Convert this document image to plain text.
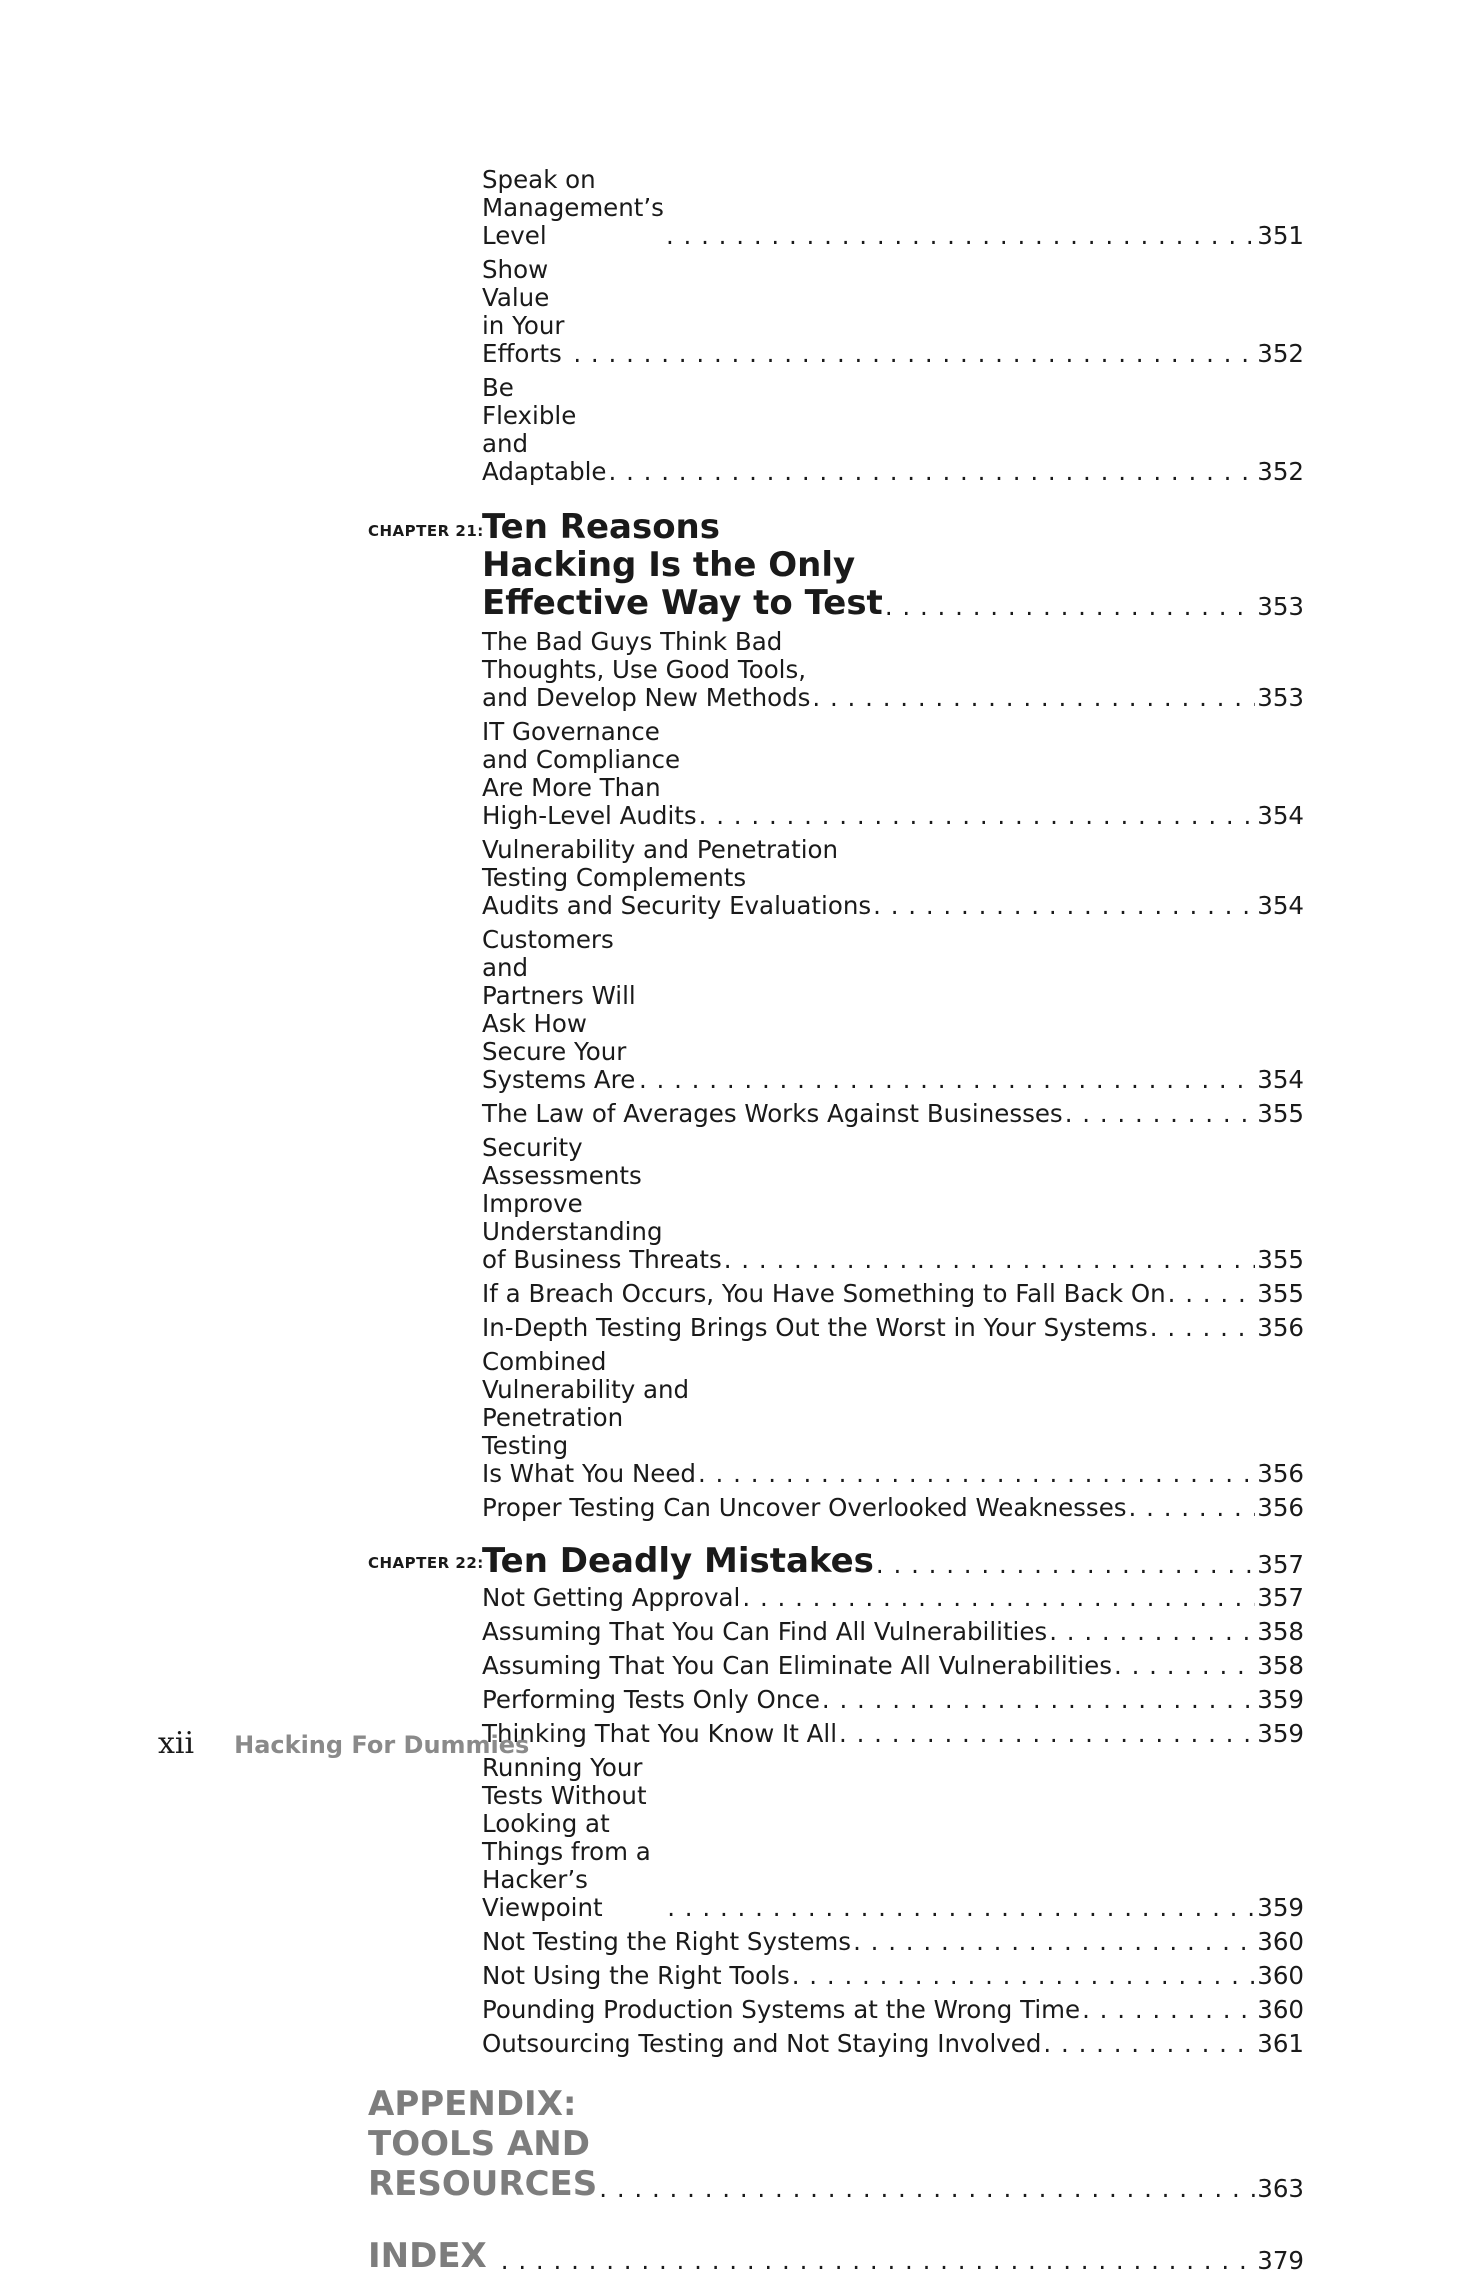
Speak on Management’s Level . . .	351
Show Value in Your Efforts . . .	352
Be Flexible and Adaptable . . .	352
CHAPTER 21:
Ten Reasons Hacking Is the Only
Effective Way to Test . . .	353
The Bad Guys Think Bad Thoughts, Use Good Tools,
and Develop New Methods . . .	353
IT Governance and Compliance Are More Than
High-Level Audits . . .	354
Vulnerability and Penetration Testing Complements
Audits and Security Evaluations . . .	354
Customers and Partners Will Ask How Secure Your
Systems Are . . .	354
The Law of Averages Works Against Businesses . . .	355
Security Assessments Improve Understanding
of Business Threats . . .	355
If a Breach Occurs, You Have Something to Fall Back On . . .	355
In-Depth Testing Brings Out the Worst in Your Systems . . .	356
Combined Vulnerability and Penetration Testing
Is What You Need . . .	356
Proper Testing Can Uncover Overlooked Weaknesses . . .	356
CHAPTER 22:
Ten Deadly Mistakes . . .	357
Not Getting Approval . . .	357
Assuming That You Can Find All Vulnerabilities . . .	358
Assuming That You Can Eliminate All Vulnerabilities . . .	358
Performing Tests Only Once . . .	359
Thinking That You Know It All . . .	359
Running Your Tests Without Looking at Things from a Hacker’s
Viewpoint . . .	359
Not Testing the Right Systems . . .	360
Not Using the Right Tools . . .	360
Pounding Production Systems at the Wrong Time . . .	360
Outsourcing Testing and Not Staying Involved . . .	361
APPENDIX: TOOLS AND RESOURCES . . .	363
INDEX . . .	379
xii Hacking For Dummies
